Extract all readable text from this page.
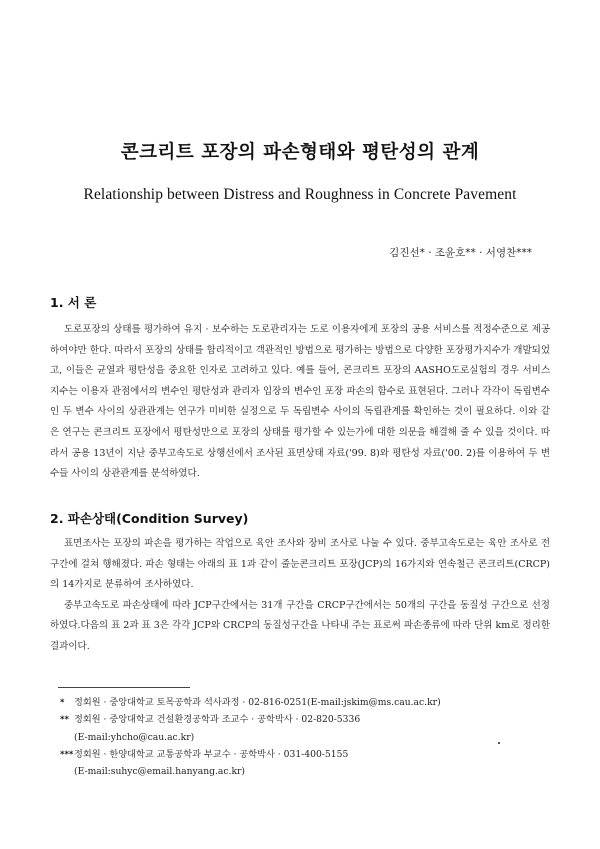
콘크리트 포장의 파손형태와 평탄성의 관계
Relationship between Distress and Roughness in Concrete Pavement
김진선* · 조윤호** · 서영찬***
1. 서 론

도로포장의 상태를 평가하여 유지 · 보수하는 도로관리자는 도로 이용자에게 포장의 공용 서비스를 적정수준으로 제공하여야만 한다. 따라서 포장의 상태를 합리적이고 객관적인 방법으로 평가하는 방법으로 다양한 포장평가지수가 개발되었고, 이들은 균열과 평탄성을 중요한 인자로 고려하고 있다. 예를 들어, 콘크리트 포장의 AASHO도로실험의 경우 서비스지수는 이용자 관점에서의 변수인 평탄성과 관리자 입장의 변수인 포장 파손의 함수로 표현된다. 그러나 각각이 독립변수인 두 변수 사이의 상관관계는 연구가 미비한 실정으로 두 독립변수 사이의 독립관계를 확인하는 것이 필요하다. 이와 같은 연구는 콘크리트 포장에서 평탄성만으로 포장의 상태를 평가할 수 있는가에 대한 의문을 해결해 줄 수 있을 것이다. 따라서 공용 13년이 지난 중부고속도로 상행선에서 조사된 표면상태 자료('99. 8)와 평탄성 자료('00. 2)를 이용하여 두 변수들 사이의 상관관계를 분석하였다.

2. 파손상태(Condition Survey)

표면조사는 포장의 파손을 평가하는 작업으로 육안 조사와 장비 조사로 나눌 수 있다. 중부고속도로는 육안 조사로 전 구간에 걸쳐 행해졌다. 파손 형태는 아래의 표 1과 같이 줄눈콘크리트 포장(JCP)의 16가지와 연속철근 콘크리트(CRCP)의 14가지로 분류하여 조사하였다.

중부고속도로 파손상태에 따라 JCP구간에서는 31개 구간을 CRCP구간에서는 50개의 구간을 동질성 구간으로 선정하였다.다음의 표 2과 표 3은 각각 JCP와 CRCP의 동질성구간을 나타내 주는 표로써 파손종류에 따라 단위 km로 정리한 결과이다.

* 정회원 · 중앙대학교 토목공학과 석사과정 · 02-816-0251(E-mail:jskim@ms.cau.ac.kr)
** 정회원 · 중앙대학교 건설환경공학과 조교수 · 공학박사 · 02-820-5336
(E-mail:yhcho@cau.ac.kr)
***정회원 · 한양대학교 교통공학과 부교수 · 공학박사 · 031-400-5155
(E-mail:suhyc@email.hanyang.ac.kr)
